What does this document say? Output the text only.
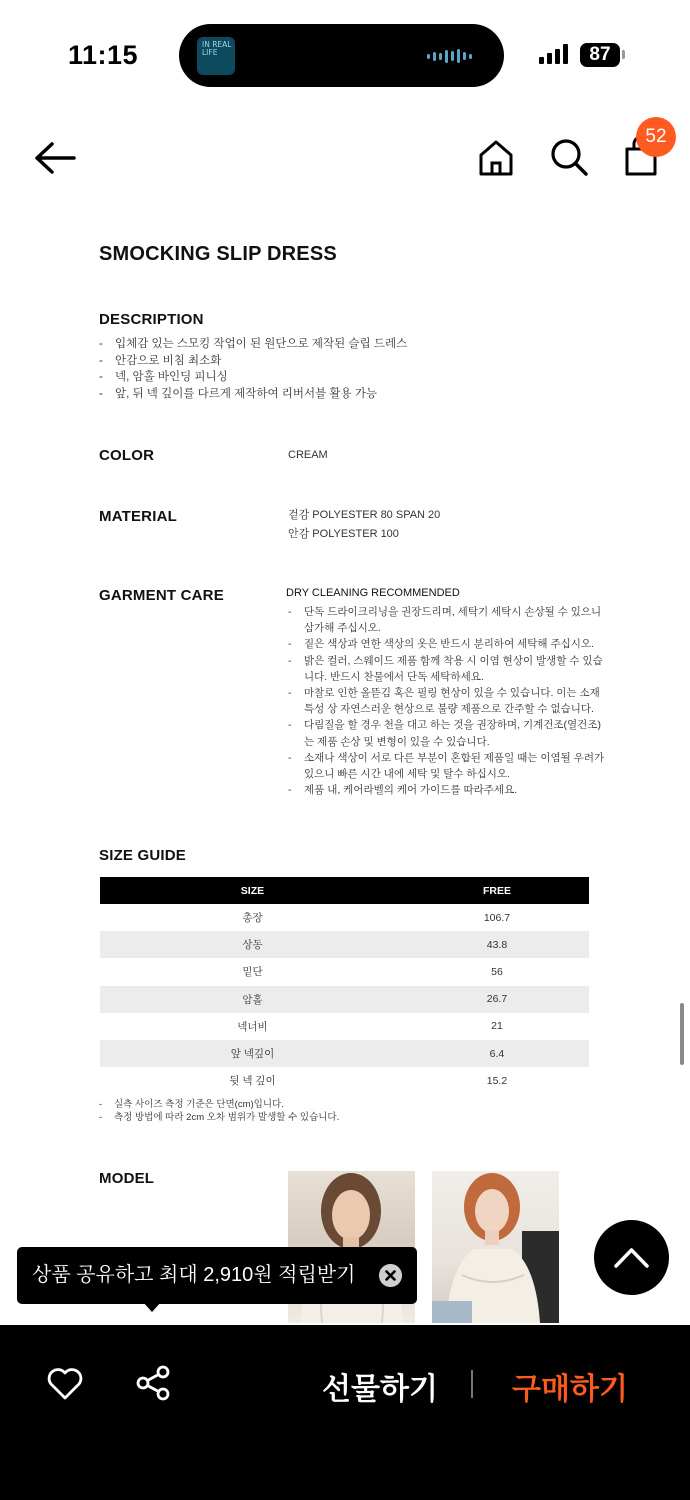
11:15	IN REAL LIFE	87
52
SMOCKING SLIP DRESS
DESCRIPTION
- 입체감 있는 스모킹 작업이 된 원단으로 제작된 슬립 드레스
- 안감으로 비침 최소화
- 넥, 암홀 바인딩 피니싱
- 앞, 뒤 넥 깊이를 다르게 제작하여 리버서블 활용 가능
COLOR	CREAM
MATERIAL	겉감 POLYESTER 80 SPAN 20
안감 POLYESTER 100
GARMENT CARE	DRY CLEANING RECOMMENDED
- 단독 드라이크리닝을 권장드리며, 세탁기 세탁시 손상될 수 있으니 삼가해 주십시오.
- 짙은 색상과 연한 색상의 옷은 반드시 분리하여 세탁해 주십시오.
- 밝은 컬러, 스웨이드 제품 함께 착용 시 이염 현상이 발생할 수 있습니다. 반드시 찬물에서 단독 세탁하세요.
- 마찰로 인한 올뜯김 혹은 필링 현상이 있을 수 있습니다. 이는 소재 특성 상 자연스러운 현상으로 불량 제품으로 간주할 수 없습니다.
- 다림질을 할 경우 천을 대고 하는 것을 권장하며, 기계건조(열건조)는 제품 손상 및 변형이 있을 수 있습니다.
- 소재나 색상이 서로 다른 부분이 혼합된 제품일 때는 이염될 우려가 있으니 빠른 시간 내에 세탁 및 탈수 하십시오.
- 제품 내, 케어라벨의 케어 가이드를 따라주세요.
SIZE GUIDE
SIZE	FREE
총장	106.7
상동	43.8
밑단	56
암홀	26.7
넥너비	21
앞 넥깊이	6.4
뒷 넥 깊이	15.2
- 실측 사이즈 측정 기준은 단면(cm)입니다.
- 측정 방법에 따라 2cm 오차 범위가 발생할 수 있습니다.
MODEL
상품 공유하고 최대 2,910원 적립받기
선물하기 구매하기
